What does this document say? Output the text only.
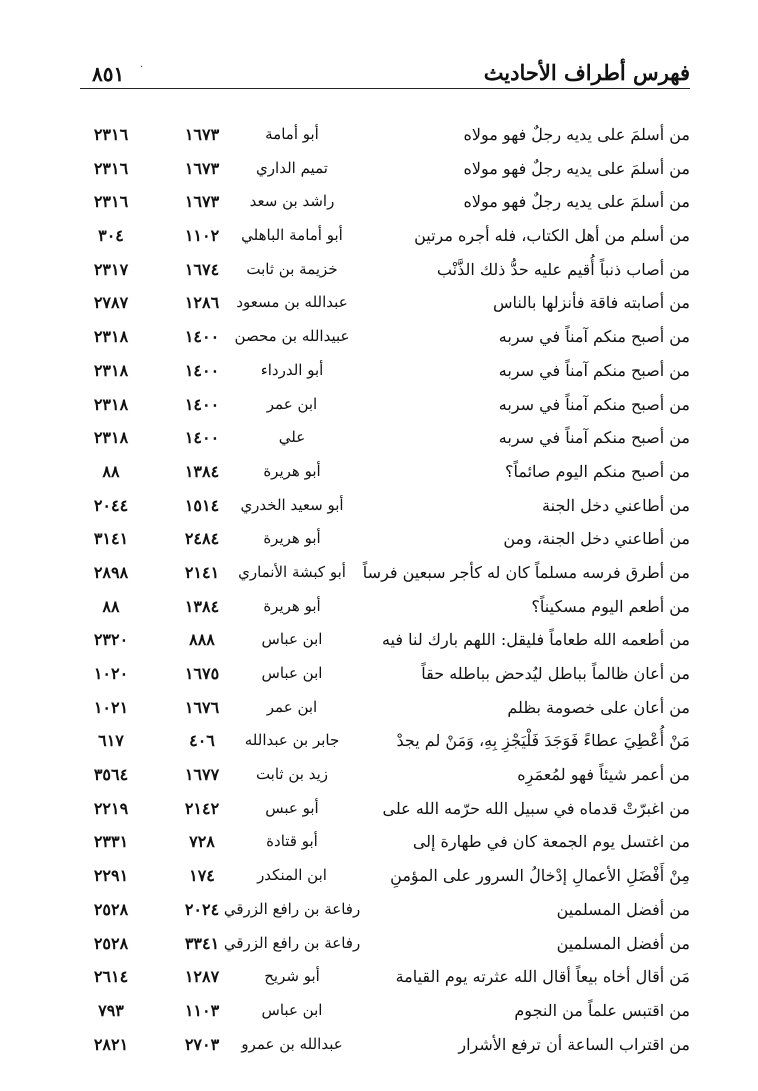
٨٥١	فهرس أطراف الأحاديث
·
من أسلمَ على يديه رجلٌ فهو مولاه
أبو أمامة
١٦٧٣
٢٣١٦
من أسلمَ على يديه رجلٌ فهو مولاه
تميم الداري
١٦٧٣
٢٣١٦
من أسلمَ على يديه رجلٌ فهو مولاه
راشد بن سعد
١٦٧٣
٢٣١٦
من أسلم من أهل الكتاب، فله أجره مرتين
أبو أمامة الباهلي
١١٠٢
٣٠٤
من أصاب ذنباً أُقيم عليه حدُّ ذلك الذَّنْب
خزيمة بن ثابت
١٦٧٤
٢٣١٧
من أصابته فاقة فأنزلها بالناس
عبدالله بن مسعود
١٢٨٦
٢٧٨٧
من أصبح منكم آمناً في سربه
عبيدالله بن محصن
١٤٠٠
٢٣١٨
من أصبح منكم آمناً في سربه
أبو الدرداء
١٤٠٠
٢٣١٨
من أصبح منكم آمناً في سربه
ابن عمر
١٤٠٠
٢٣١٨
من أصبح منكم آمناً في سربه
علي
١٤٠٠
٢٣١٨
من أصبح منكم اليوم صائماً؟
أبو هريرة
١٣٨٤
٨٨
من أطاعني دخل الجنة
أبو سعيد الخدري
١٥١٤
٢٠٤٤
من أطاعني دخل الجنة، ومن
أبو هريرة
٢٤٨٤
٣١٤١
من أطرق فرسه مسلماً كان له كأجر سبعين فرساً
أبو كبشة الأنماري
٢١٤١
٢٨٩٨
من أطعم اليوم مسكيناً؟
أبو هريرة
١٣٨٤
٨٨
من أطعمه الله طعاماً فليقل: اللهم بارك لنا فيه
ابن عباس
٨٨٨
٢٣٢٠
من أعان ظالماً بباطل ليُدحض بباطله حقاً
ابن عباس
١٦٧٥
١٠٢٠
من أعان على خصومة بظلم
ابن عمر
١٦٧٦
١٠٢١
مَنْ أُعْطِيَ عطاءً فَوَجَدَ فَلْيَجْزِ بِهِ، وَمَنْ لم يجدْ
جابر بن عبدالله
٤٠٦
٦١٧
من أعمر شيئاً فهو لمُعمَرِه
زيد بن ثابت
١٦٧٧
٣٥٦٤
من اغبرّتْ قدماه في سبيل الله حرّمه الله على
أبو عبس
٢١٤٢
٢٢١٩
من اغتسل يوم الجمعة كان في طهارة إلى
أبو قتادة
٧٢٨
٢٣٣١
مِنْ أَفْضَلِ الأعمالِ إدْخالُ السرور على المؤمنِ
ابن المنكدر
١٧٤
٢٢٩١
من أفضل المسلمين
رفاعة بن رافع الزرقي
٢٠٢٤
٢٥٢٨
من أفضل المسلمين
رفاعة بن رافع الزرقي
٣٣٤١
٢٥٢٨
مَن أقال أخاه بيعاً أقال الله عثرته يوم القيامة
أبو شريح
١٢٨٧
٢٦١٤
من اقتبس علماً من النجوم
ابن عباس
١١٠٣
٧٩٣
من اقتراب الساعة أن ترفع الأشرار
عبدالله بن عمرو
٢٧٠٣
٢٨٢١
